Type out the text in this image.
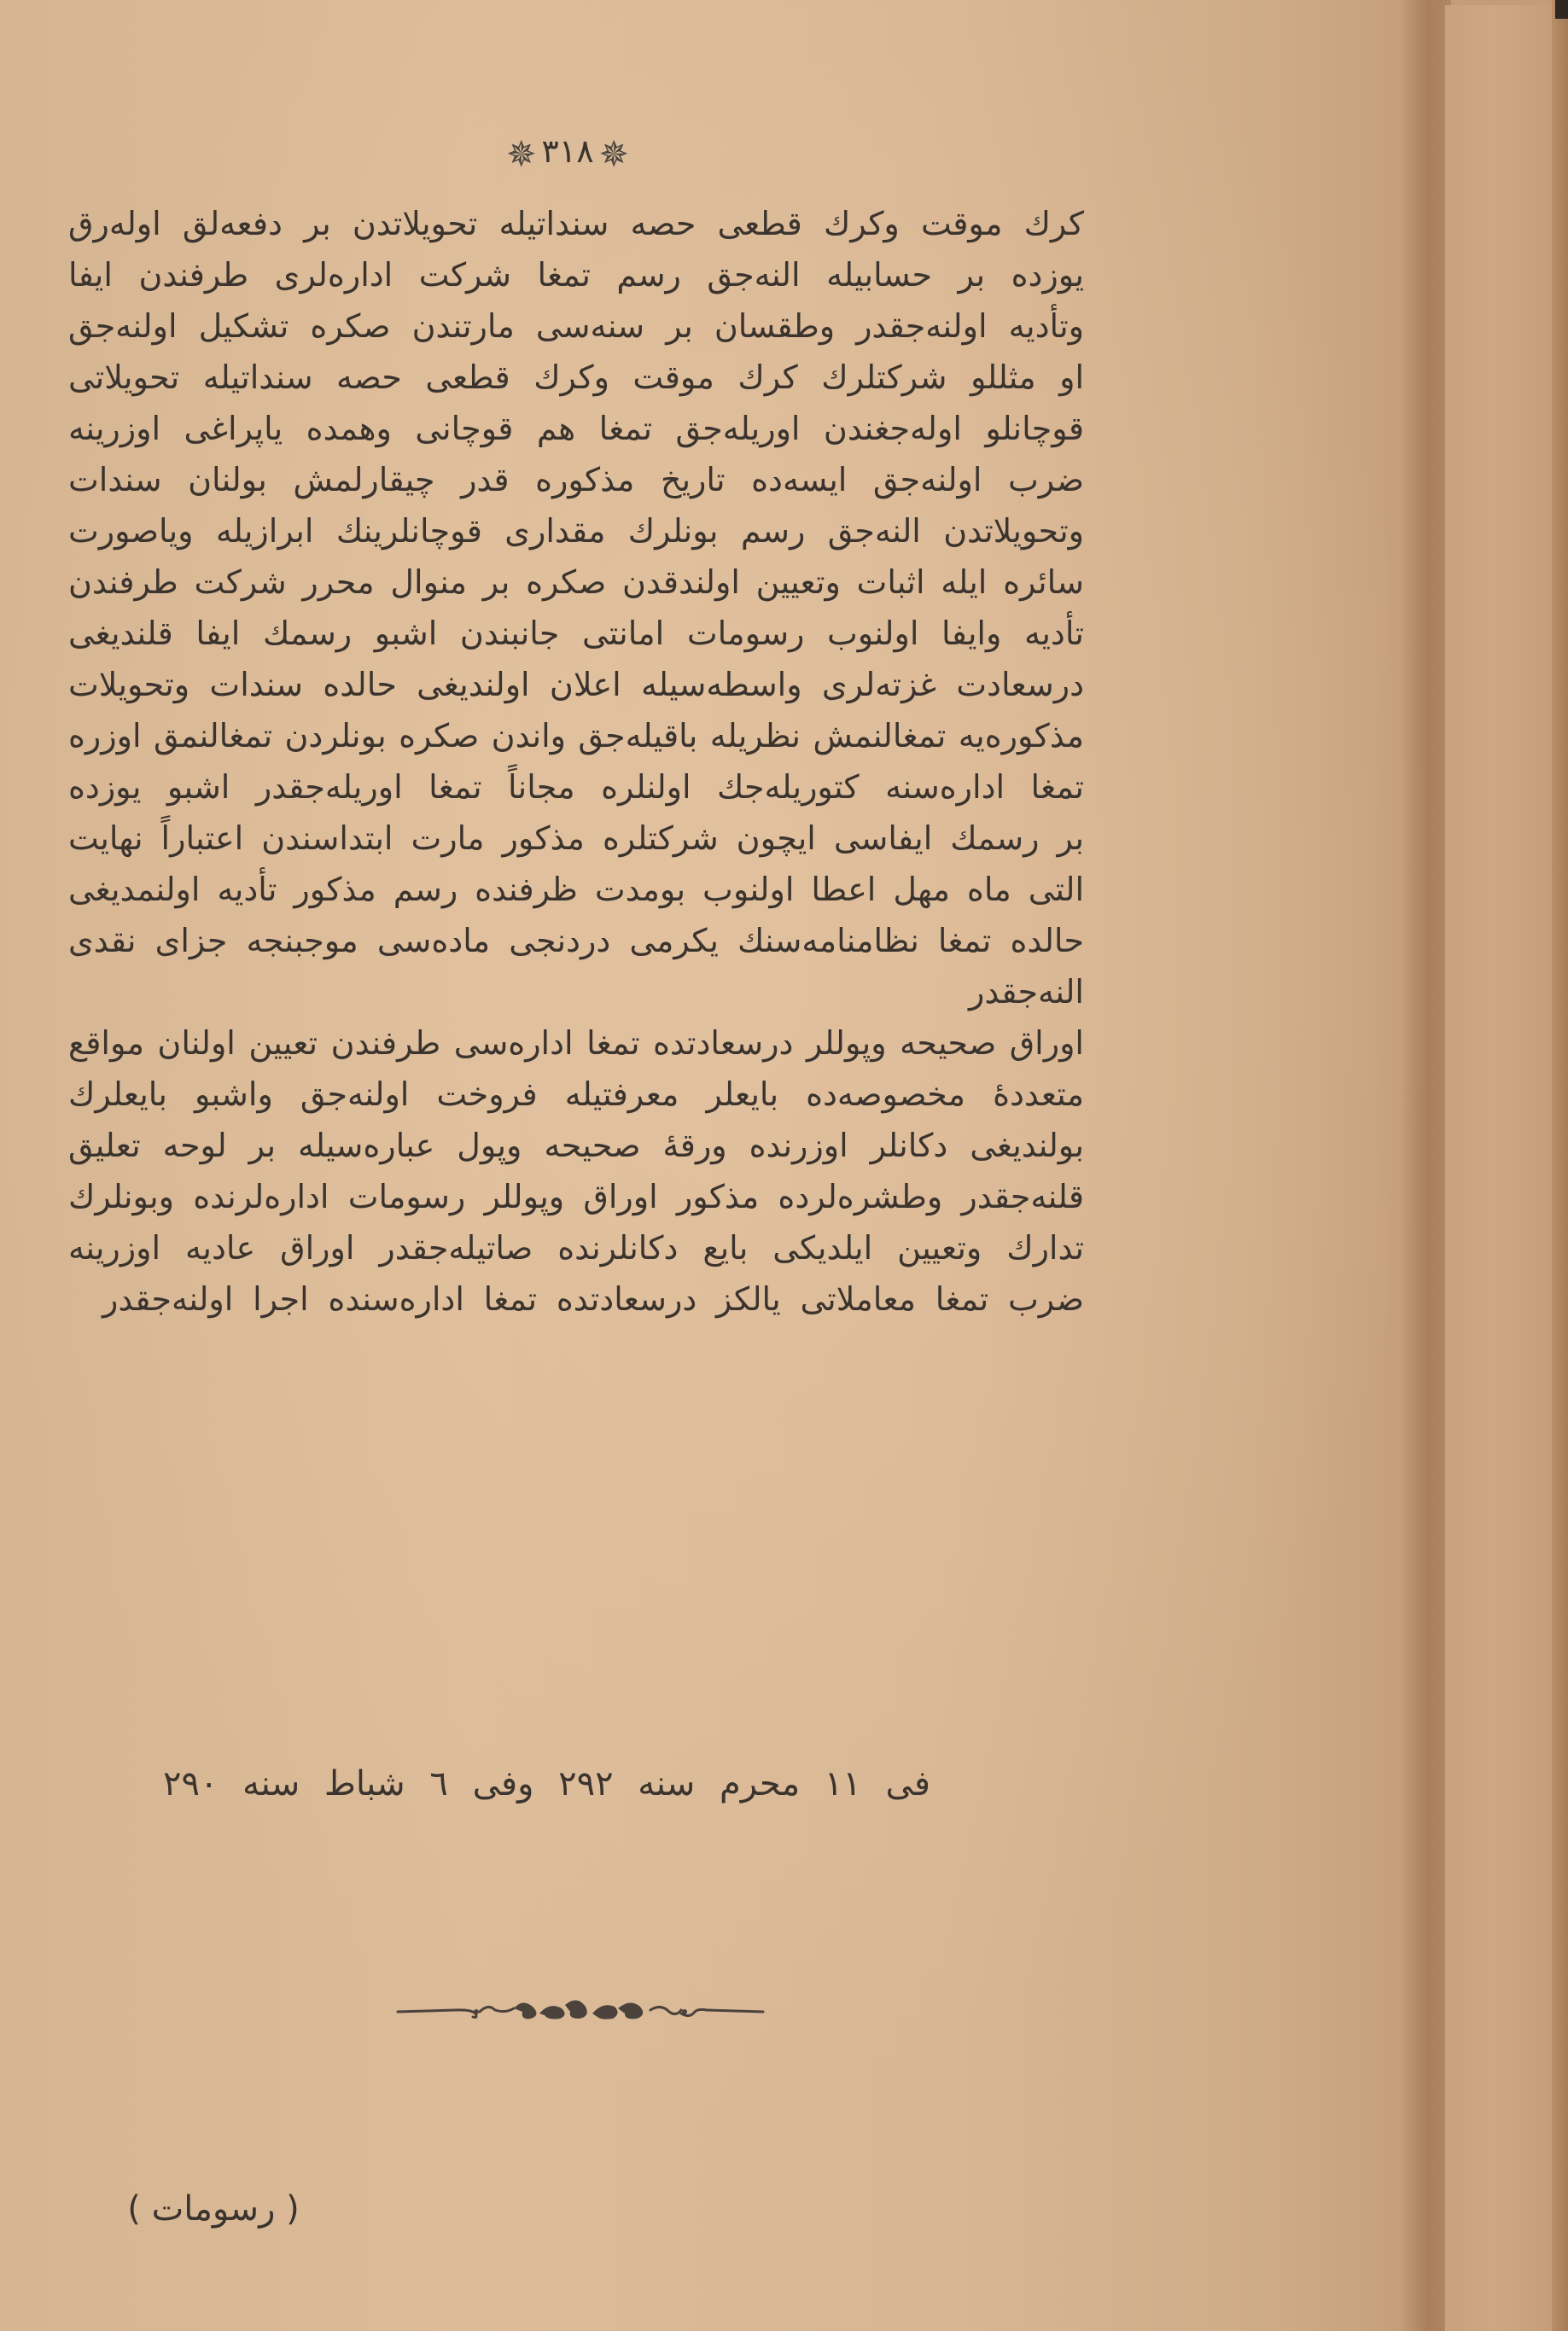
✵٣١٨✵
كرك موقت وكرك قطعى حصه سنداتيله تحويلاتدن بر دفعه‌لق اوله‌رق
يوزده بر حسابيله النه‌جق رسم تمغا شركت اداره‌لرى طرفندن ايفا
وتأديه اولنه‌جقدر وطقسان بر سنه‌سى مارتندن صكره تشكيل اولنه‌جق
او مثللو شركتلرك كرك موقت وكرك قطعى حصه سنداتيله تحويلاتى
قوچانلو اوله‌جغندن اوريله‌جق تمغا هم قوچانى وهمده ياپراغى اوزرينه
ضرب اولنه‌جق ايسه‌ده تاريخ مذكوره قدر چيقارلمش بولنان سندات
وتحويلاتدن النه‌جق رسم بونلرك مقدارى قوچانلرينك ابرازيله وياصورت
سائره ايله اثبات وتعيين اولندقدن صكره بر منوال محرر شركت طرفندن
تأديه وايفا اولنوب رسومات امانتى جانبندن اشبو رسمك ايفا قلنديغى
درسعادت غزته‌لرى واسطه‌سيله اعلان اولنديغى حالده سندات وتحويلات
مذكوره‌يه تمغالنمش نظريله باقيله‌جق واندن صكره بونلردن تمغالنمق اوزره
تمغا اداره‌سنه كتوريله‌جك اولنلره مجاناً تمغا اوريله‌جقدر اشبو يوزده
بر رسمك ايفاسى ايچون شركتلره مذكور مارت ابتداسندن اعتباراً نهايت
التى ماه مهل اعطا اولنوب بومدت ظرفنده رسم مذكور تأديه اولنمديغى
حالده تمغا نظامنامه‌سنك يكرمى دردنجى ماده‌سى موجبنجه جزاى نقدى
النه‌جقدر
اوراق صحيحه وپوللر درسعادتده تمغا اداره‌سى طرفندن تعيين اولنان مواقع
متعدده‌ٔ مخصوصه‌ده بايعلر معرفتيله فروخت اولنه‌جق واشبو بايعلرك
بولنديغى دكانلر اوزرنده ورقهٔ صحيحه وپول عباره‌سيله بر لوحه تعليق
قلنه‌جقدر وطشره‌لرده مذكور اوراق وپوللر رسومات اداره‌لرنده وبونلرك
تدارك وتعيين ايلديكى بايع دكانلرنده صاتيله‌جقدر اوراق عاديه اوزرينه
ضرب تمغا معاملاتى يالكز درسعادتده تمغا اداره‌سنده اجرا اولنه‌جقدر
فى ١١ محرم سنه ٢٩٢ وفى ٦ شباط سنه ٢٩٠
( رسومات )
